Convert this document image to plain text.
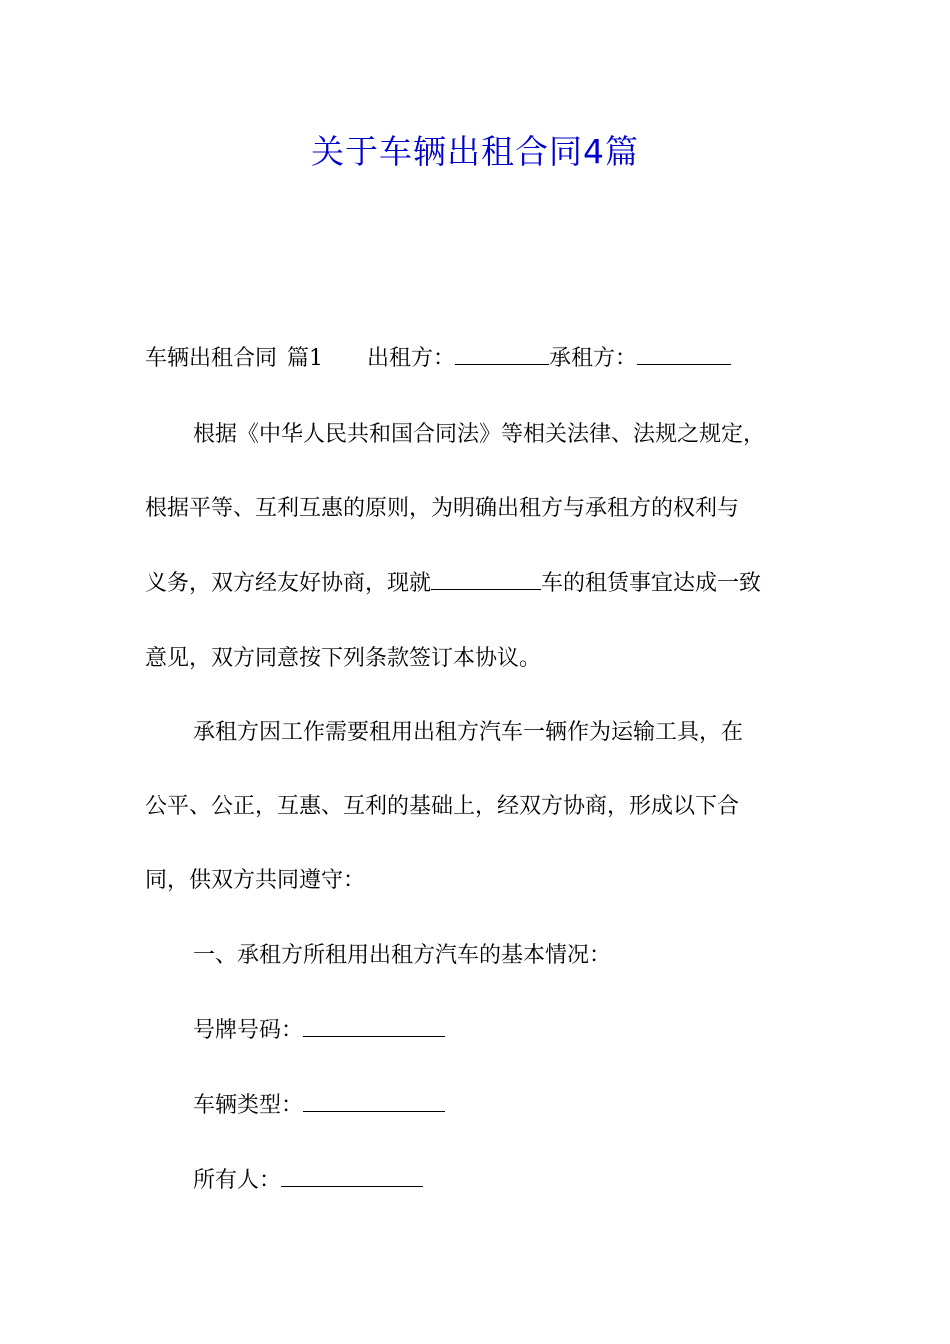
关于车辆出租合同4篇
车辆出租合同 篇1 出租方：	承租方：
根据《中华人民共和国合同法》等相关法律、法规之规定，
根据平等、互利互惠的原则，为明确出租方与承租方的权利与
义务，双方经友好协商，现就	车的租赁事宜达成一致
意见，双方同意按下列条款签订本协议。
承租方因工作需要租用出租方汽车一辆作为运输工具，在
公平、公正，互惠、互利的基础上，经双方协商，形成以下合
同，供双方共同遵守：
一、承租方所租用出租方汽车的基本情况：
号牌号码：
车辆类型：
所有人：
